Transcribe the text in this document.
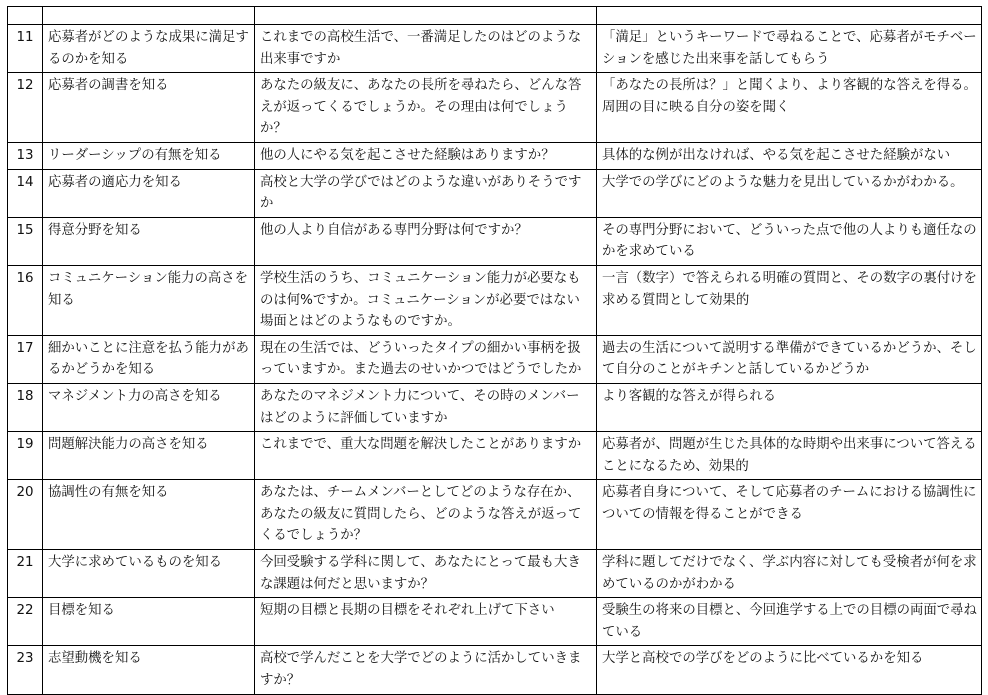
11	応募者がどのような成果に満足するのかを知る	これまでの高校生活で、一番満足したのはどのような出来事ですか	「満足」というキーワードで尋ねることで、応募者がモチベーションを感じた出来事を話してもらう
12	応募者の調書を知る	あなたの級友に、あなたの長所を尋ねたら、どんな答えが返ってくるでしょうか。その理由は何でしょうか？	「あなたの長所は？」と聞くより、より客観的な答えを得る。周囲の目に映る自分の姿を聞く
13	リーダーシップの有無を知る	他の人にやる気を起こさせた経験はありますか？	具体的な例が出なければ、やる気を起こさせた経験がない
14	応募者の適応力を知る	高校と大学の学びではどのような違いがありそうですか	大学での学びにどのような魅力を見出しているかがわかる。
15	得意分野を知る	他の人より自信がある専門分野は何ですか？	その専門分野において、どういった点で他の人よりも適任なのかを求めている
16	コミュニケーション能力の高さを知る	学校生活のうち、コミュニケーション能力が必要なものは何%ですか。コミュニケーションが必要ではない場面とはどのようなものですか。	一言（数字）で答えられる明確の質問と、その数字の裏付けを求める質問として効果的
17	細かいことに注意を払う能力があるかどうかを知る	現在の生活では、どういったタイプの細かい事柄を扱っていますか。また過去のせいかつではどうでしたか	過去の生活について説明する準備ができているかどうか、そして自分のことがキチンと話しているかどうか
18	マネジメント力の高さを知る	あなたのマネジメント力について、その時のメンバーはどのように評価していますか	より客観的な答えが得られる
19	問題解決能力の高さを知る	これまでで、重大な問題を解決したことがありますか	応募者が、問題が生じた具体的な時期や出来事について答えることになるため、効果的
20	協調性の有無を知る	あなたは、チームメンバーとしてどのような存在か、あなたの級友に質問したら、どのような答えが返ってくるでしょうか？	応募者自身について、そして応募者のチームにおける協調性についての情報を得ることができる
21	大学に求めているものを知る	今回受験する学科に関して、あなたにとって最も大きな課題は何だと思いますか？	学科に題してだけでなく、学ぶ内容に対しても受検者が何を求めているのかがわかる
22	目標を知る	短期の目標と長期の目標をそれぞれ上げて下さい	受験生の将来の目標と、今回進学する上での目標の両面で尋ねている
23	志望動機を知る	高校で学んだことを大学でどのように活かしていきますか？	大学と高校での学びをどのように比べているかを知る
